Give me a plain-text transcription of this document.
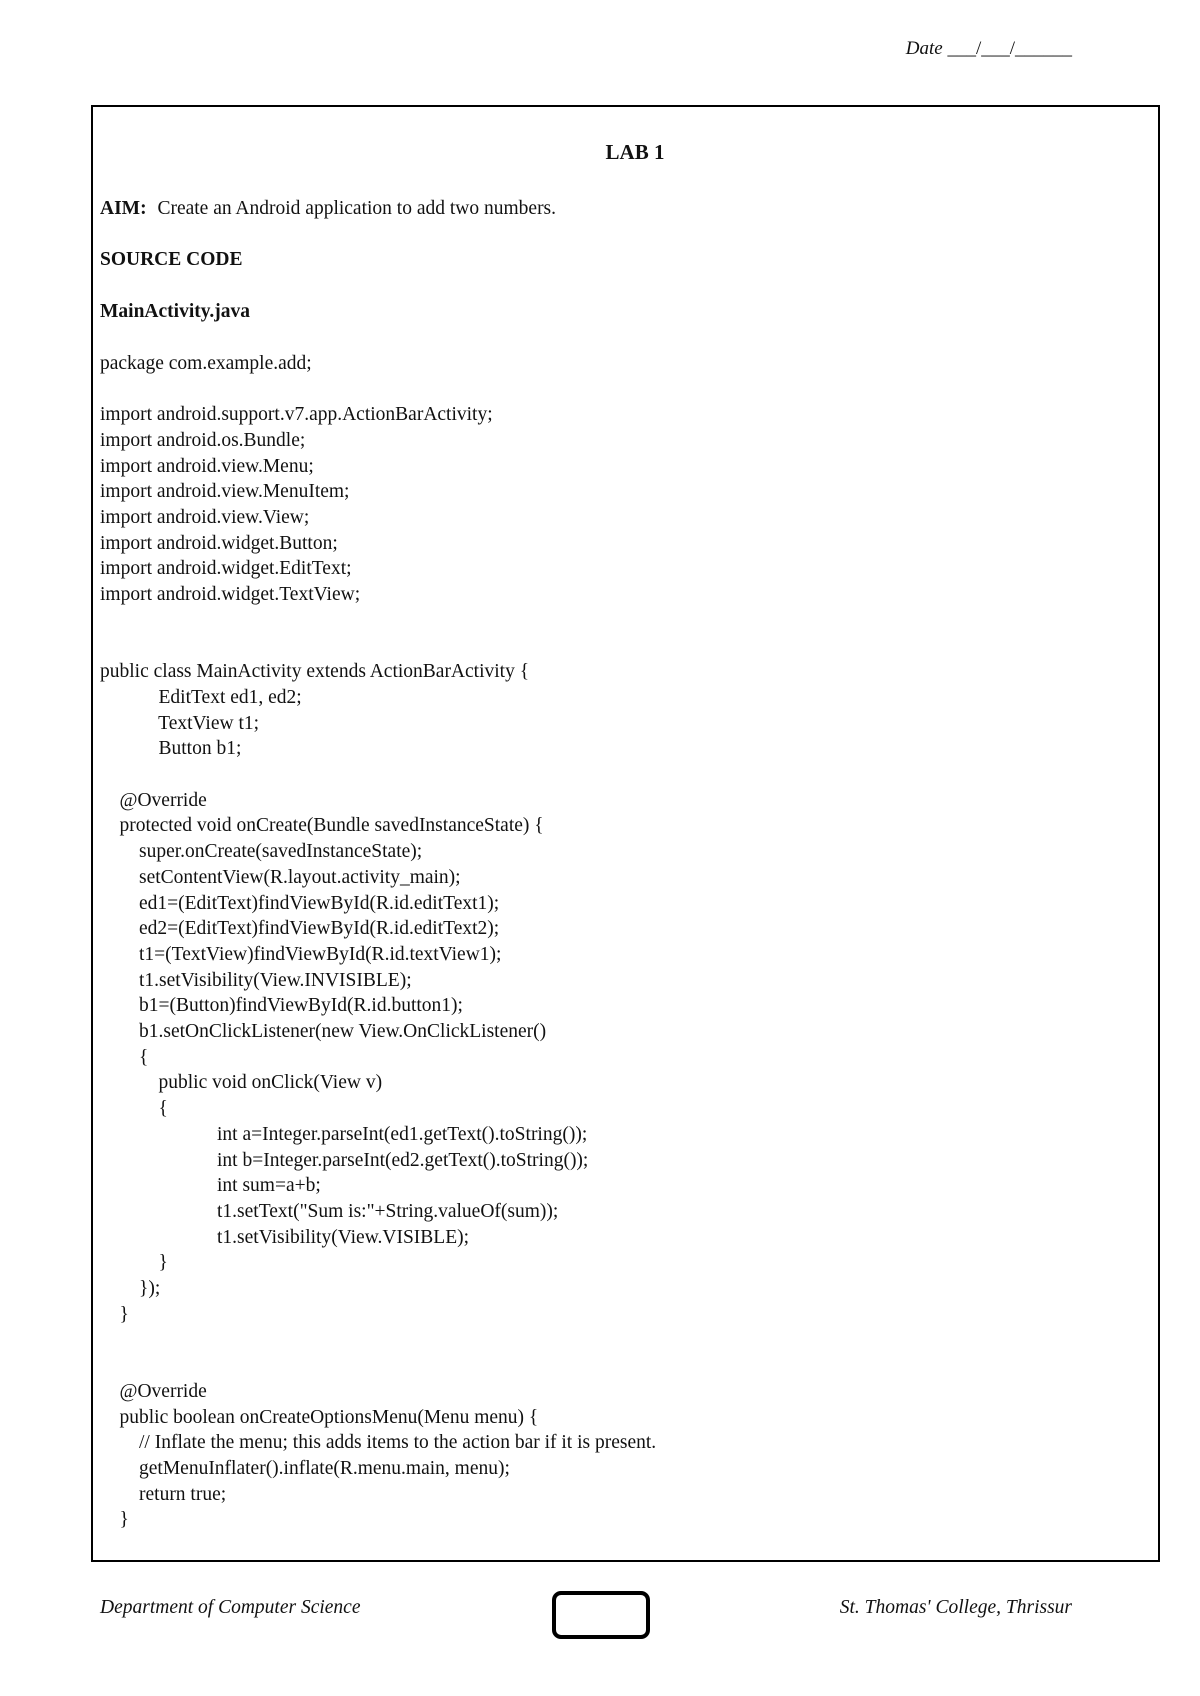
Date ___/___/______
LAB 1
AIM: Create an Android application to add two numbers.
SOURCE CODE
MainActivity.java
package com.example.add;
import android.support.v7.app.ActionBarActivity;
import android.os.Bundle;
import android.view.Menu;
import android.view.MenuItem;
import android.view.View;
import android.widget.Button;
import android.widget.EditText;
import android.widget.TextView;
public class MainActivity extends ActionBarActivity {
EditText ed1, ed2;
TextView t1;
Button b1;
@Override
protected void onCreate(Bundle savedInstanceState) {
super.onCreate(savedInstanceState);
setContentView(R.layout.activity_main);
ed1=(EditText)findViewById(R.id.editText1);
ed2=(EditText)findViewById(R.id.editText2);
t1=(TextView)findViewById(R.id.textView1);
t1.setVisibility(View.INVISIBLE);
b1=(Button)findViewById(R.id.button1);
b1.setOnClickListener(new View.OnClickListener()
{
public void onClick(View v)
{
int a=Integer.parseInt(ed1.getText().toString());
int b=Integer.parseInt(ed2.getText().toString());
int sum=a+b;
t1.setText("Sum is:"+String.valueOf(sum));
t1.setVisibility(View.VISIBLE);
}
});
}
@Override
public boolean onCreateOptionsMenu(Menu menu) {
// Inflate the menu; this adds items to the action bar if it is present.
getMenuInflater().inflate(R.menu.main, menu);
return true;
}
Department of Computer Science	St. Thomas' College, Thrissur
